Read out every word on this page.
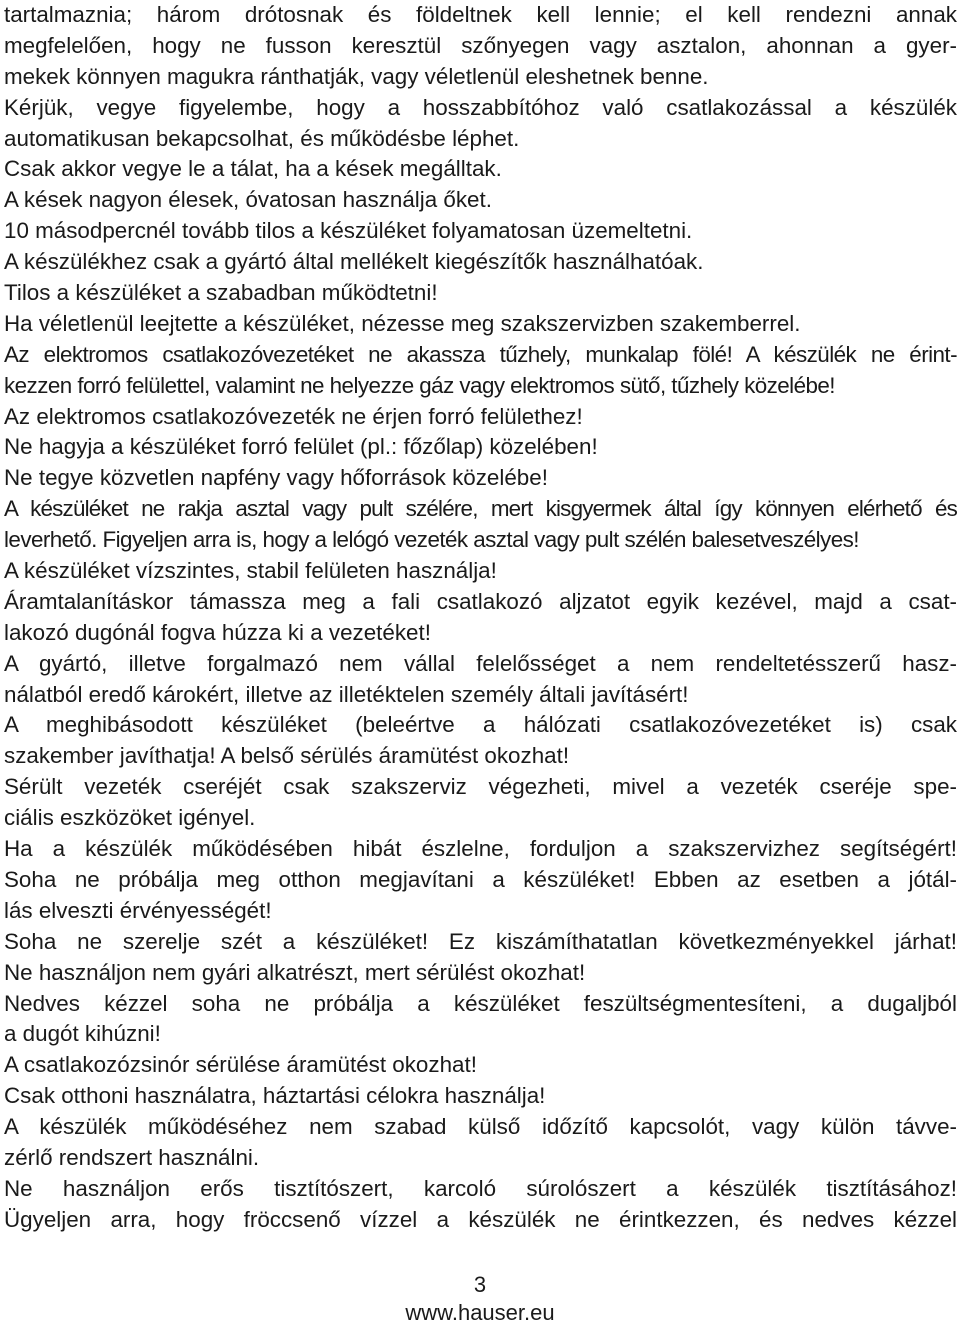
tartalmaznia; három drótosnak és földeltnek kell lennie; el kell rendezni annak
megfelelően, hogy ne fusson keresztül szőnyegen vagy asztalon, ahonnan a gyer-
mekek könnyen magukra ránthatják, vagy véletlenül eleshetnek benne.
Kérjük, vegye figyelembe, hogy a hosszabbítóhoz való csatlakozással a készülék
automatikusan bekapcsolhat, és működésbe léphet.
Csak akkor vegye le a tálat, ha a kések megálltak.
A kések nagyon élesek, óvatosan használja őket.
10 másodpercnél tovább tilos a készüléket folyamatosan üzemeltetni.
A készülékhez csak a gyártó által mellékelt kiegészítők használhatóak.
Tilos a készüléket a szabadban működtetni!
Ha véletlenül leejtette a készüléket, nézesse meg szakszervizben szakemberrel.
Az elektromos csatlakozóvezetéket ne akassza tűzhely, munkalap fölé! A készülék ne érint-
kezzen forró felülettel, valamint ne helyezze gáz vagy elektromos sütő, tűzhely közelébe!
Az elektromos csatlakozóvezeték ne érjen forró felülethez!
Ne hagyja a készüléket forró felület (pl.: főzőlap) közelében!
Ne tegye közvetlen napfény vagy hőforrások közelébe!
A készüléket ne rakja asztal vagy pult szélére, mert kisgyermek által így könnyen elérhető és
leverhető. Figyeljen arra is, hogy a lelógó vezeték asztal vagy pult szélén balesetveszélyes!
A készüléket vízszintes, stabil felületen használja!
Áramtalanításkor támassza meg a fali csatlakozó aljzatot egyik kezével, majd a csat-
lakozó dugónál fogva húzza ki a vezetéket!
A gyártó, illetve forgalmazó nem vállal felelősséget a nem rendeltetésszerű hasz-
nálatból eredő károkért, illetve az illetéktelen személy általi javításért!
A meghibásodott készüléket (beleértve a hálózati csatlakozóvezetéket is) csak
szakember javíthatja! A belső sérülés áramütést okozhat!
Sérült vezeték cseréjét csak szakszerviz végezheti, mivel a vezeték cseréje spe-
ciális eszközöket igényel.
Ha a készülék működésében hibát észlelne, forduljon a szakszervizhez segítségért!
Soha ne próbálja meg otthon megjavítani a készüléket! Ebben az esetben a jótál-
lás elveszti érvényességét!
Soha ne szerelje szét a készüléket! Ez kiszámíthatatlan következményekkel járhat!
Ne használjon nem gyári alkatrészt, mert sérülést okozhat!
Nedves kézzel soha ne próbálja a készüléket feszültségmentesíteni, a dugaljból
a dugót kihúzni!
A csatlakozózsinór sérülése áramütést okozhat!
Csak otthoni használatra, háztartási célokra használja!
A készülék működéséhez nem szabad külső időzítő kapcsolót, vagy külön távve-
zérlő rendszert használni.
Ne használjon erős tisztítószert, karcoló súrolószert a készülék tisztításához!
Ügyeljen arra, hogy fröccsenő vízzel a készülék ne érintkezzen, és nedves kézzel
3
www.hauser.eu
